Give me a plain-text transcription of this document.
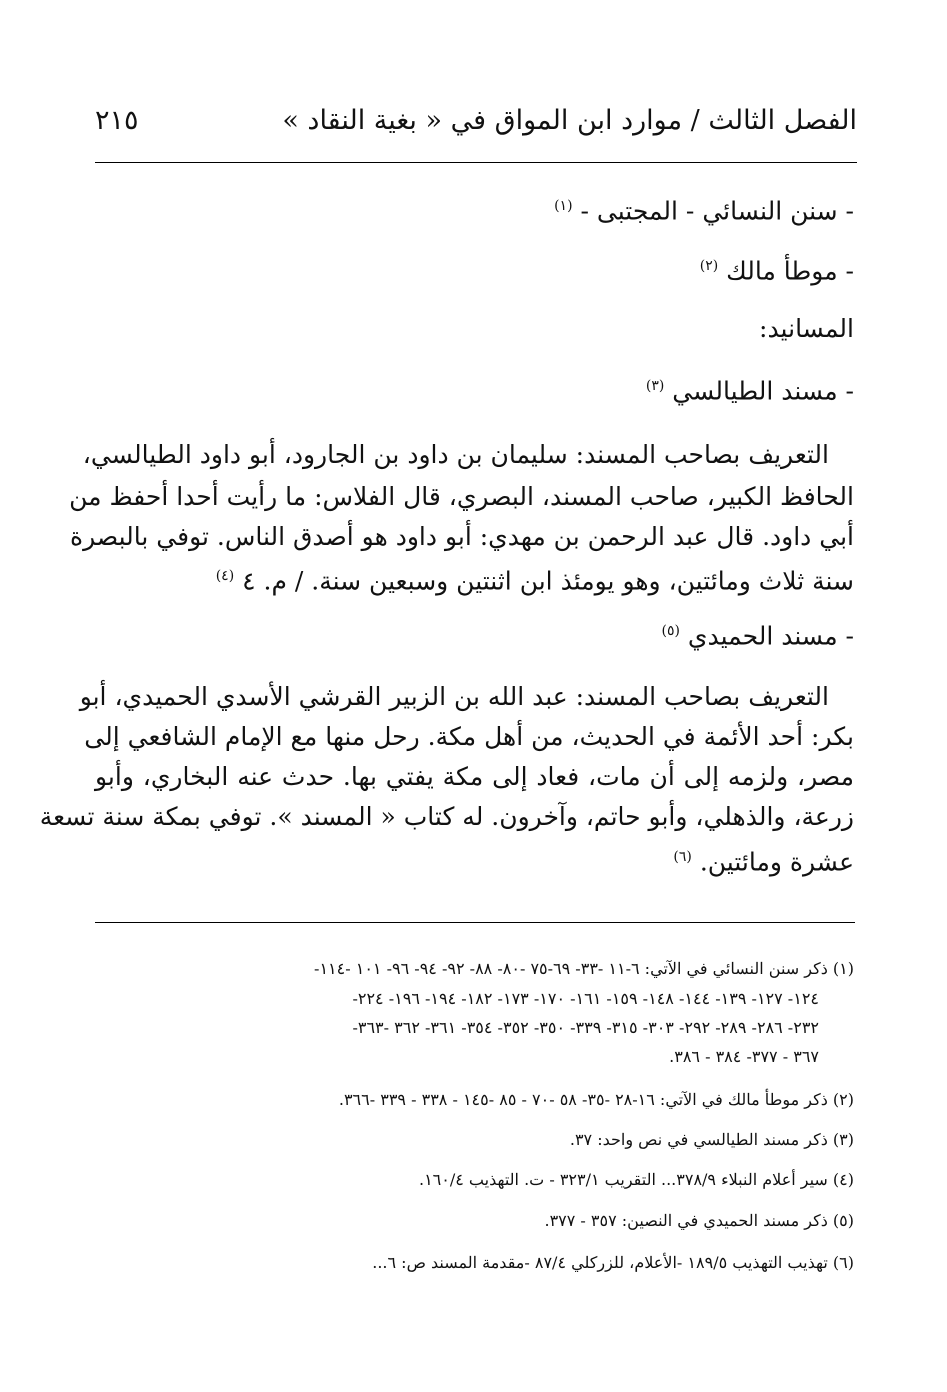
الفصل الثالث / موارد ابن المواق في « بغية النقاد »
٢١٥
- سنن النسائي - المجتبى - $^{(١)}$
- موطأ مالك $^{(٢)}$
المسانيد:
- مسند الطيالسي $^{(٣)}$
التعريف بصاحب المسند: سليمان بن داود بن الجارود، أبو داود الطيالسي،
الحافظ الكبير، صاحب المسند، البصري، قال الفلاس: ما رأيت أحدا أحفظ من
أبي داود. قال عبد الرحمن بن مهدي: أبو داود هو أصدق الناس. توفي بالبصرة
سنة ثلاث ومائتين، وهو يومئذ ابن اثنتين وسبعين سنة. / م. ٤ $^{(٤)}$
- مسند الحميدي $^{(٥)}$
التعريف بصاحب المسند: عبد الله بن الزبير القرشي الأسدي الحميدي، أبو
بكر: أحد الأئمة في الحديث، من أهل مكة. رحل منها مع الإمام الشافعي إلى
مصر، ولزمه إلى أن مات، فعاد إلى مكة يفتي بها. حدث عنه البخاري، وأبو
زرعة، والذهلي، وأبو حاتم، وآخرون. له كتاب « المسند ». توفي بمكة سنة تسعة
عشرة ومائتين. $^{(٦)}$
(١) ذكر سنن النسائي في الآتي: ٦-١١ -٣٣- ٦٩-٧٥ -٨٠- ٨٨- ٩٢- ٩٤- ٩٦- ١٠١ -١١٤-
١٢٤- ١٢٧- ١٣٩- ١٤٤- ١٤٨- ١٥٩- ١٦١- ١٧٠- ١٧٣- ١٨٢- ١٩٤- ١٩٦- ٢٢٤-
٢٣٢- ٢٨٦- ٢٨٩- ٢٩٢- ٣٠٣- ٣١٥- ٣٣٩- ٣٥٠- ٣٥٢- ٣٥٤- ٣٦١- ٣٦٢ -٣٦٣-
٣٦٧ - ٣٧٧- ٣٨٤ - ٣٨٦.
(٢) ذكر موطأ مالك في الآتي: ١٦-٢٨ -٣٥- ٥٨ -٧٠ - ٨٥ -١٤٥ - ٣٣٨ - ٣٣٩ -٣٦٦.
(٣) ذكر مسند الطيالسي في نص واحد: ٣٧.
(٤) سير أعلام النبلاء ٣٧٨/٩... التقريب ٣٢٣/١ - ت. التهذيب ١٦٠/٤.
(٥) ذكر مسند الحميدي في النصين: ٣٥٧ - ٣٧٧.
(٦) تهذيب التهذيب ١٨٩/٥ -الأعلام، للزركلي ٨٧/٤ -مقدمة المسند ص: ٦...
